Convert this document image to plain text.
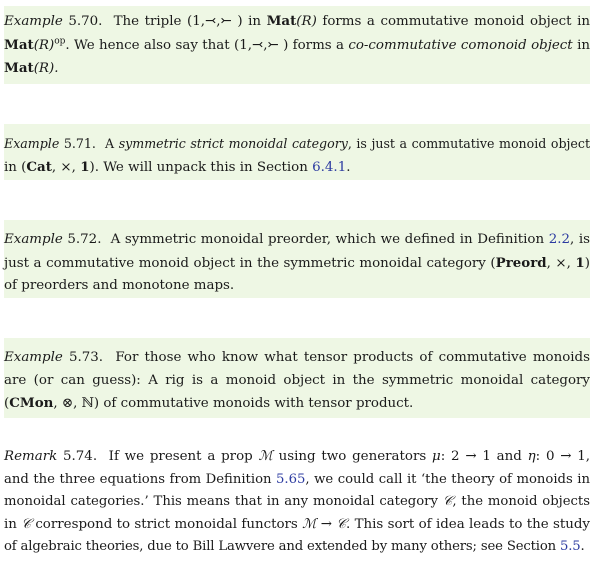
Example 5.70. The triple (1,⤙,⤚ ) in Mat(R) forms a commutative monoid object in
$Mat(R)^{op}$. We hence also say that (1,⤙,⤚ ) forms a co-commutative comonoid object in
Mat(R).
Example 5.71. A symmetric strict monoidal category, is just a commutative monoid object
in (Cat, ×, 1). We will unpack this in Section 6.4.1.
Example 5.72. A symmetric monoidal preorder, which we defined in Definition 2.2, is
just a commutative monoid object in the symmetric monoidal category (Preord, ×, 1)
of preorders and monotone maps.
Example 5.73. For those who know what tensor products of commutative monoids
are (or can guess): A rig is a monoid object in the symmetric monoidal category
(CMon, ⊗, ℕ) of commutative monoids with tensor product.
Remark 5.74. If we present a prop ℳ using two generators μ: 2 → 1 and η: 0 → 1,
and the three equations from Definition 5.65, we could call it ‘the theory of monoids in
monoidal categories.’ This means that in any monoidal category 𝒞, the monoid objects
in 𝒞 correspond to strict monoidal functors ℳ → 𝒞. This sort of idea leads to the study
of algebraic theories, due to Bill Lawvere and extended by many others; see Section 5.5.
